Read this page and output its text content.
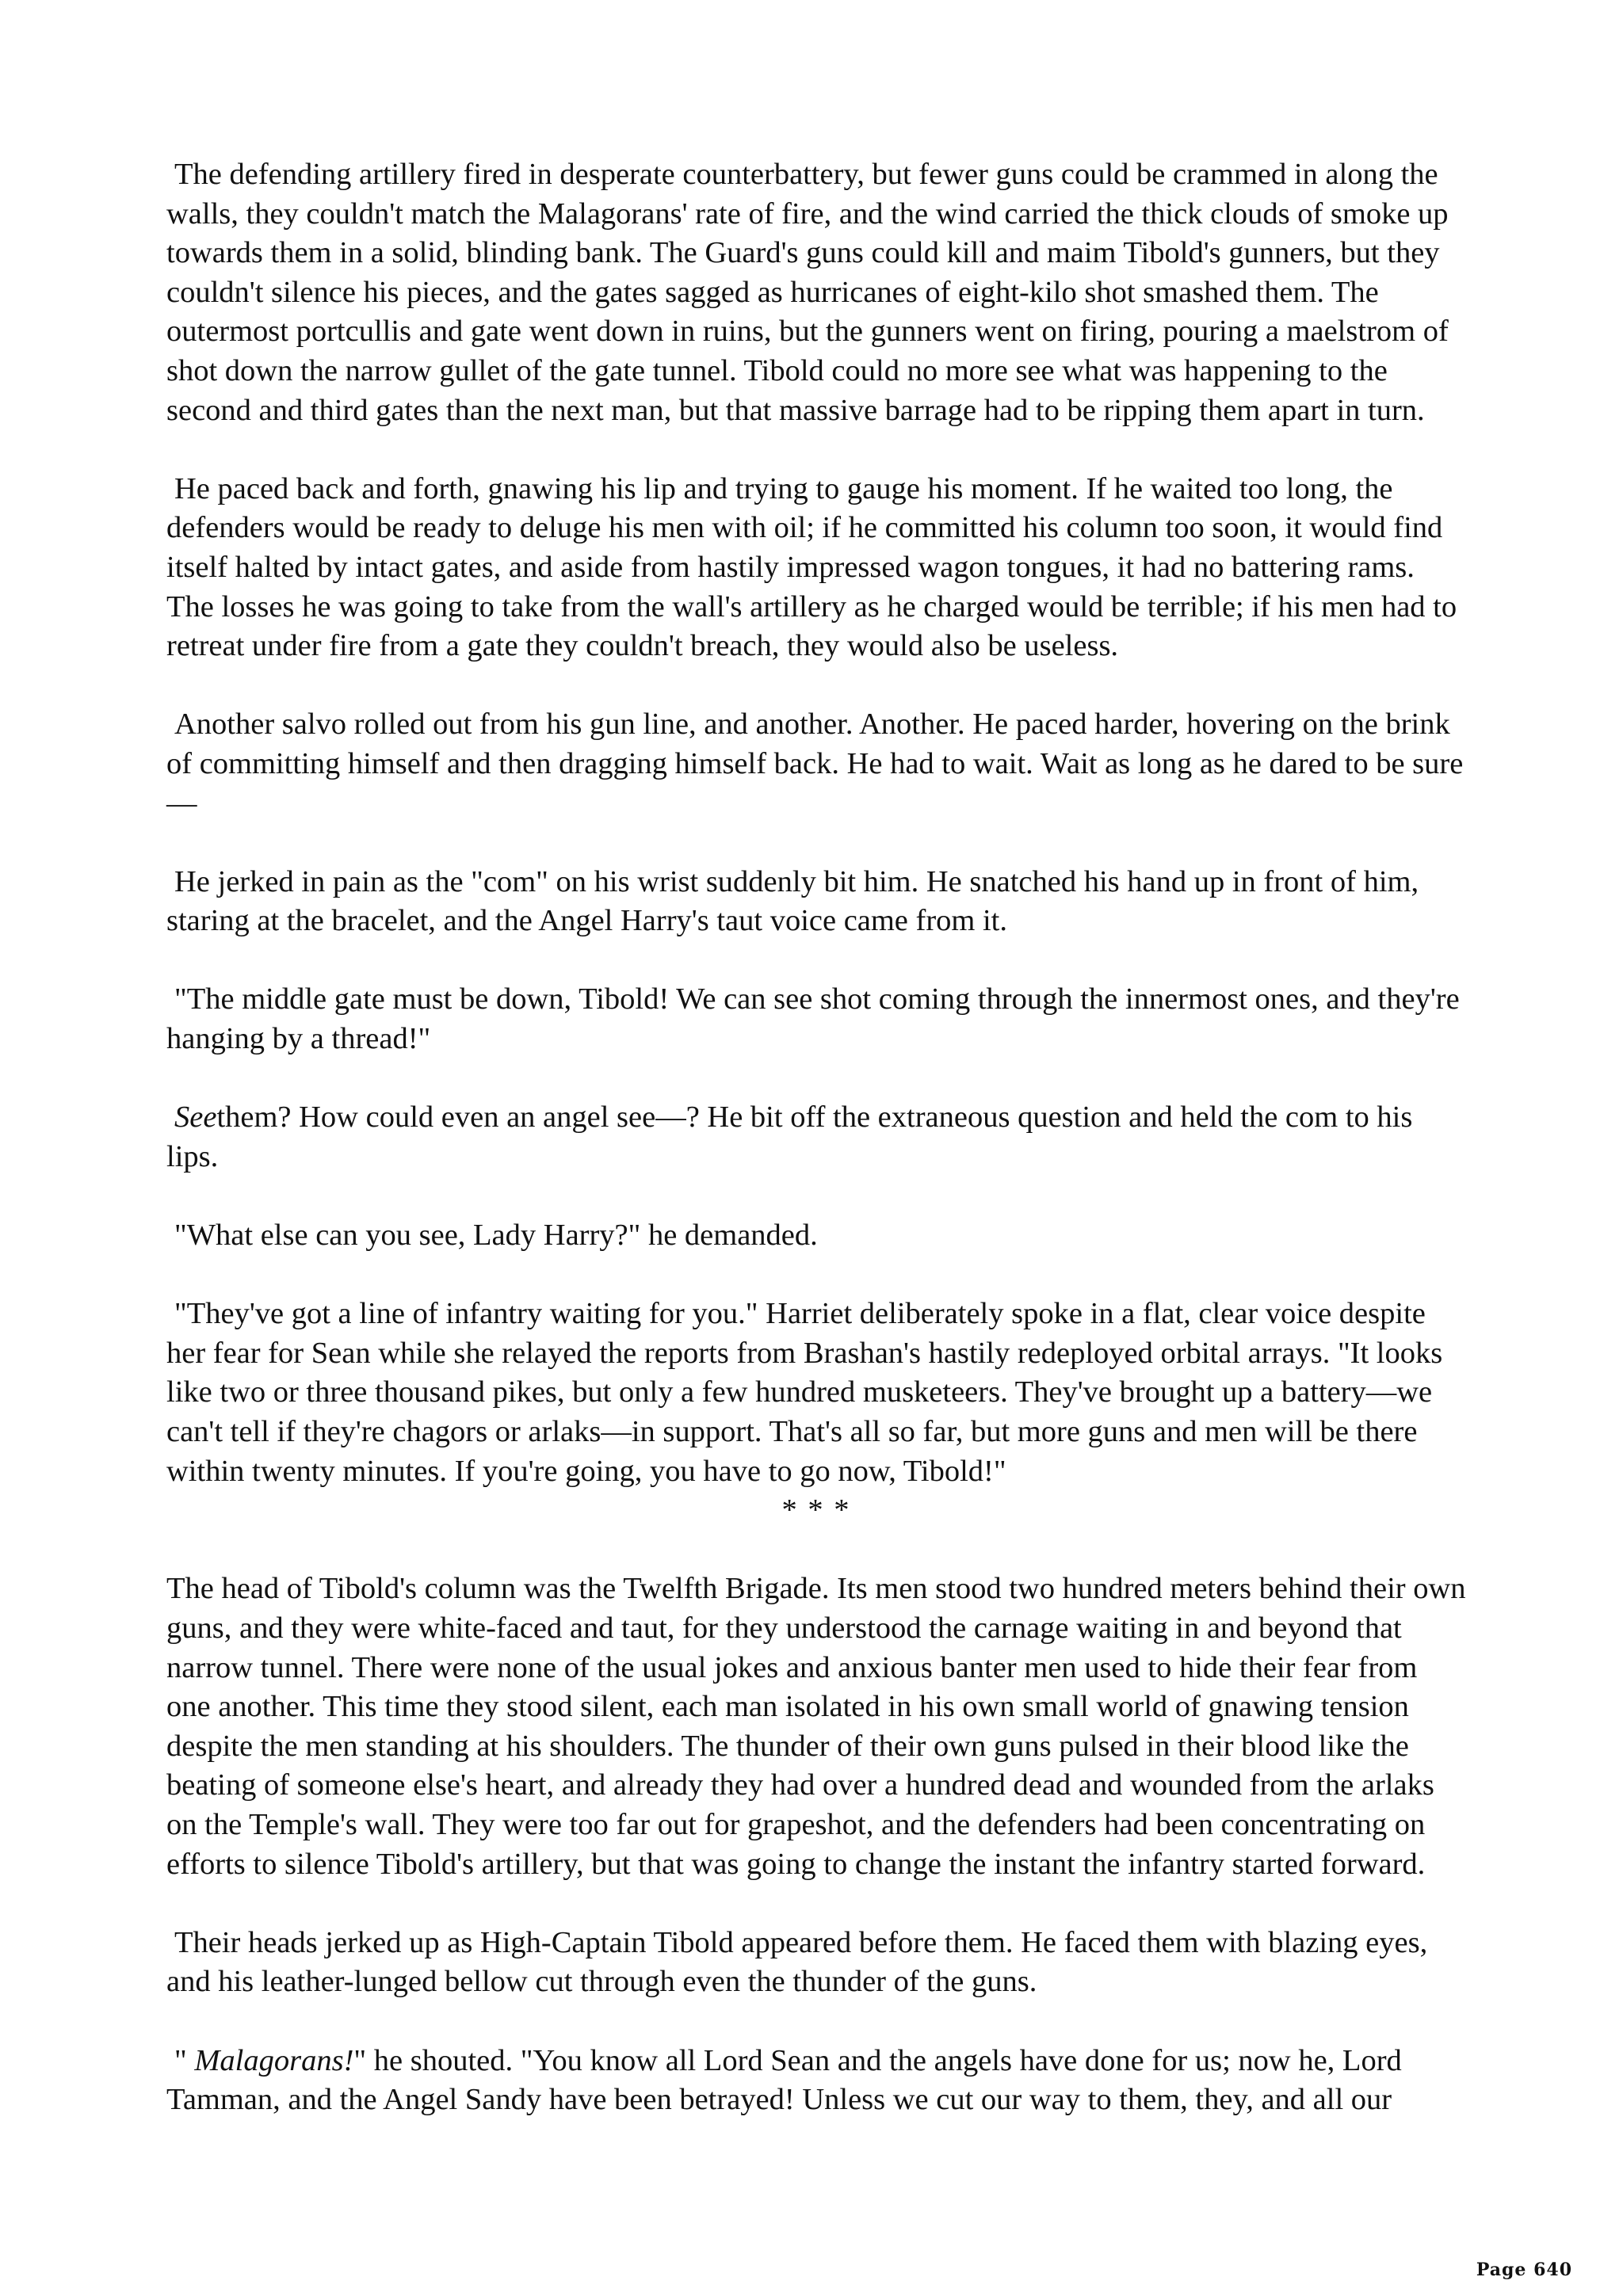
The defending artillery fired in desperate counterbattery, but fewer guns could be crammed in along the walls, they couldn't match the Malagorans' rate of fire, and the wind carried the thick clouds of smoke up towards them in a solid, blinding bank. The Guard's guns could kill and maim Tibold's gunners, but they couldn't silence his pieces, and the gates sagged as hurricanes of eight-kilo shot smashed them. The outermost portcullis and gate went down in ruins, but the gunners went on firing, pouring a maelstrom of shot down the narrow gullet of the gate tunnel. Tibold could no more see what was happening to the second and third gates than the next man, but that massive barrage had to be ripping them apart in turn.

He paced back and forth, gnawing his lip and trying to gauge his moment. If he waited too long, the defenders would be ready to deluge his men with oil; if he committed his column too soon, it would find itself halted by intact gates, and aside from hastily impressed wagon tongues, it had no battering rams. The losses he was going to take from the wall's artillery as he charged would be terrible; if his men had to retreat under fire from a gate they couldn't breach, they would also be useless.

Another salvo rolled out from his gun line, and another. Another. He paced harder, hovering on the brink of committing himself and then dragging himself back. He had to wait. Wait as long as he dared to be sure—

He jerked in pain as the "com" on his wrist suddenly bit him. He snatched his hand up in front of him, staring at the bracelet, and the Angel Harry's taut voice came from it.

"The middle gate must be down, Tibold! We can see shot coming through the innermost ones, and they're hanging by a thread!"

Seethem? How could even an angel see—? He bit off the extraneous question and held the com to his lips.

"What else can you see, Lady Harry?" he demanded.

"They've got a line of infantry waiting for you." Harriet deliberately spoke in a flat, clear voice despite her fear for Sean while she relayed the reports from Brashan's hastily redeployed orbital arrays. "It looks like two or three thousand pikes, but only a few hundred musketeers. They've brought up a battery—we can't tell if they're chagors or arlaks—in support. That's all so far, but more guns and men will be there within twenty minutes. If you're going, you have to go now, Tibold!"

* * *

The head of Tibold's column was the Twelfth Brigade. Its men stood two hundred meters behind their own guns, and they were white-faced and taut, for they understood the carnage waiting in and beyond that narrow tunnel. There were none of the usual jokes and anxious banter men used to hide their fear from one another. This time they stood silent, each man isolated in his own small world of gnawing tension despite the men standing at his shoulders. The thunder of their own guns pulsed in their blood like the beating of someone else's heart, and already they had over a hundred dead and wounded from the arlaks on the Temple's wall. They were too far out for grapeshot, and the defenders had been concentrating on efforts to silence Tibold's artillery, but that was going to change the instant the infantry started forward.

Their heads jerked up as High-Captain Tibold appeared before them. He faced them with blazing eyes, and his leather-lunged bellow cut through even the thunder of the guns.

" Malagorans!" he shouted. "You know all Lord Sean and the angels have done for us; now he, Lord Tamman, and the Angel Sandy have been betrayed! Unless we cut our way to them, they, and all our

Page 640
